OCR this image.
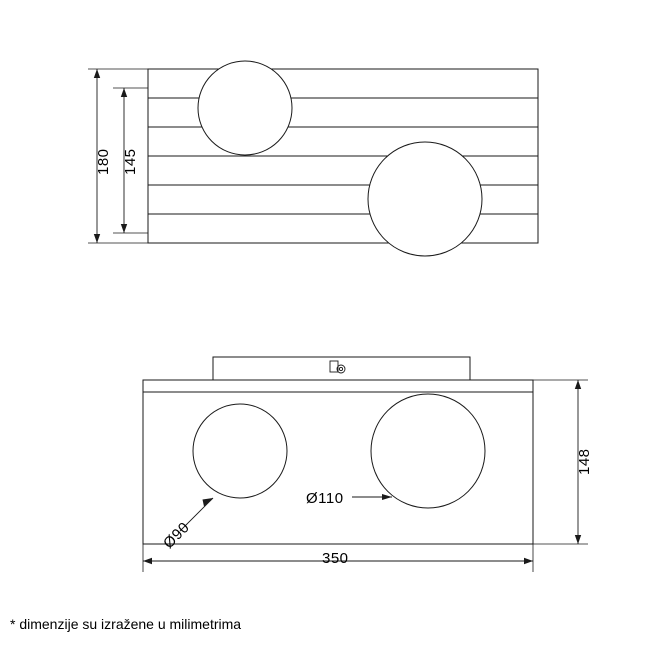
180 145
148
350
Ø90
Ø110
* dimenzije su izražene u milimetrima
